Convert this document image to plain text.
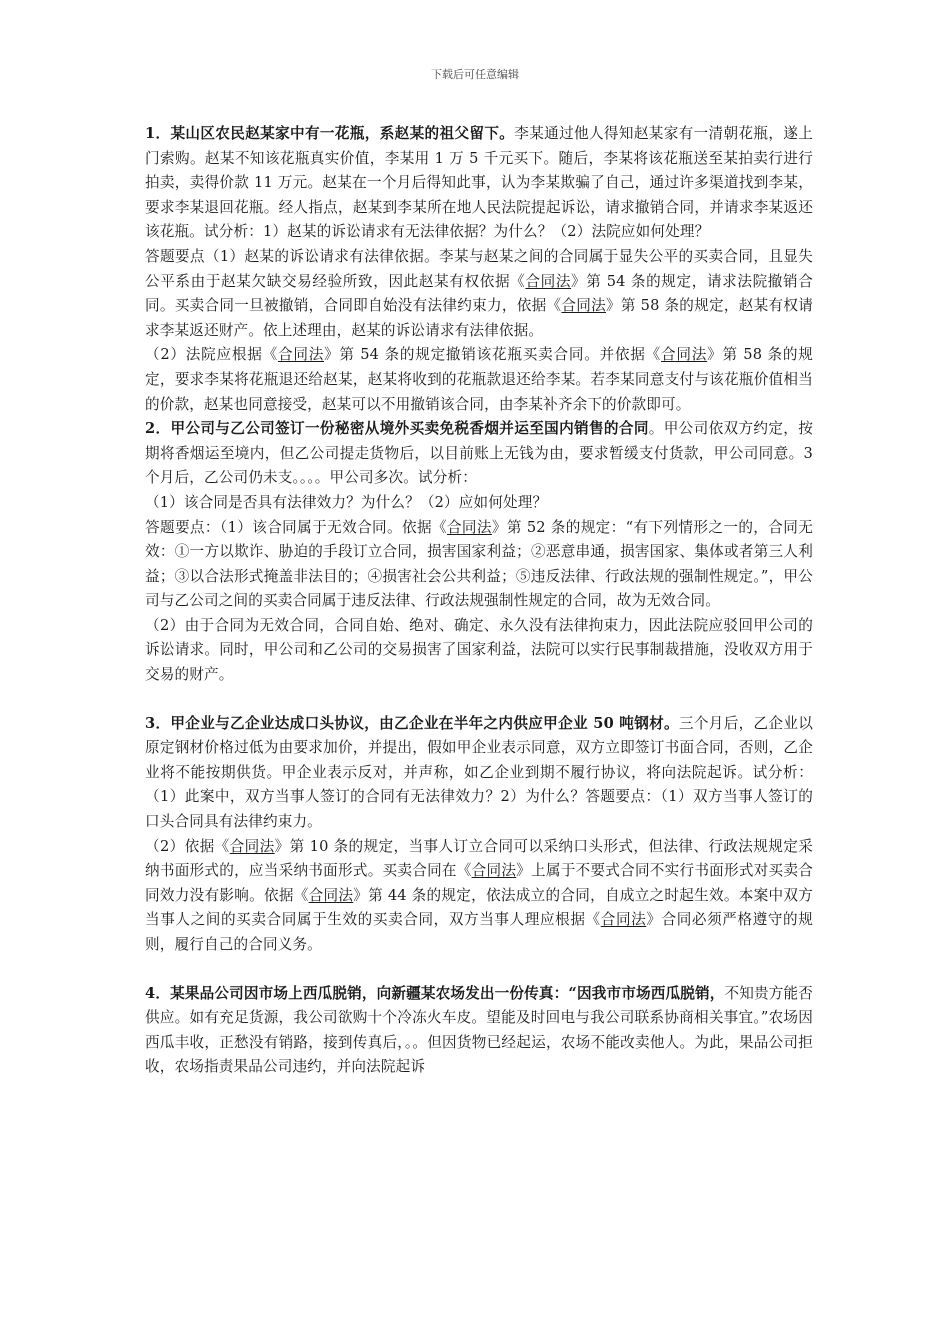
下载后可任意编辑

1．某山区农民赵某家中有一花瓶，系赵某的祖父留下。李某通过他人得知赵某家有一清朝花瓶，遂上门索购。赵某不知该花瓶真实价值，李某用 1 万 5 千元买下。随后，李某将该花瓶送至某拍卖行进行拍卖，卖得价款 11 万元。赵某在一个月后得知此事，认为李某欺骗了自己，通过许多渠道找到李某，要求李某退回花瓶。经人指点，赵某到李某所在地人民法院提起诉讼，请求撤销合同，并请求李某返还该花瓶。试分析：1）赵某的诉讼请求有无法律依据？为什么？（2）法院应如何处理？

答题要点（1）赵某的诉讼请求有法律依据。李某与赵某之间的合同属于显失公平的买卖合同，且显失公平系由于赵某欠缺交易经验所致，因此赵某有权依据《合同法》第 54 条的规定，请求法院撤销合同。买卖合同一旦被撤销，合同即自始没有法律约束力，依据《合同法》第 58 条的规定，赵某有权请求李某返还财产。依上述理由，赵某的诉讼请求有法律依据。

（2）法院应根据《合同法》第 54 条的规定撤销该花瓶买卖合同。并依据《合同法》第 58 条的规定，要求李某将花瓶退还给赵某，赵某将收到的花瓶款退还给李某。若李某同意支付与该花瓶价值相当的价款，赵某也同意接受，赵某可以不用撤销该合同，由李某补齐余下的价款即可。

2．甲公司与乙公司签订一份秘密从境外买卖免税香烟并运至国内销售的合同。甲公司依双方约定，按期将香烟运至境内，但乙公司提走货物后，以目前账上无钱为由，要求暂缓支付货款，甲公司同意。3 个月后，乙公司仍未支。。。。甲公司多次。试分析：

（1）该合同是否具有法律效力？为什么？（2）应如何处理？

答题要点：（1）该合同属于无效合同。依据《合同法》第 52 条的规定：“有下列情形之一的，合同无效：①一方以欺诈、胁迫的手段订立合同，损害国家利益；②恶意串通，损害国家、集体或者第三人利益；③以合法形式掩盖非法目的；④损害社会公共利益；⑤违反法律、行政法规的强制性规定。”，甲公司与乙公司之间的买卖合同属于违反法律、行政法规强制性规定的合同，故为无效合同。

（2）由于合同为无效合同，合同自始、绝对、确定、永久没有法律拘束力，因此法院应驳回甲公司的诉讼请求。同时，甲公司和乙公司的交易损害了国家利益，法院可以实行民事制裁措施，没收双方用于交易的财产。

3．甲企业与乙企业达成口头协议，由乙企业在半年之内供应甲企业 50 吨钢材。三个月后，乙企业以原定钢材价格过低为由要求加价，并提出，假如甲企业表示同意，双方立即签订书面合同，否则，乙企业将不能按期供货。甲企业表示反对，并声称，如乙企业到期不履行协议，将向法院起诉。试分析：（1）此案中，双方当事人签订的合同有无法律效力？2）为什么？答题要点：（1）双方当事人签订的口头合同具有法律约束力。

（2）依据《合同法》第 10 条的规定，当事人订立合同可以采纳口头形式，但法律、行政法规规定采纳书面形式的，应当采纳书面形式。买卖合同在《合同法》上属于不要式合同不实行书面形式对买卖合同效力没有影响。依据《合同法》第 44 条的规定，依法成立的合同，自成立之时起生效。本案中双方当事人之间的买卖合同属于生效的买卖合同，双方当事人理应根据《合同法》合同必须严格遵守的规则，履行自己的合同义务。

4．某果品公司因市场上西瓜脱销，向新疆某农场发出一份传真：“因我市市场西瓜脱销，不知贵方能否供应。如有充足货源，我公司欲购十个冷冻火车皮。望能及时回电与我公司联系协商相关事宜。”农场因西瓜丰收，正愁没有销路，接到传真后，。。但因货物已经起运，农场不能改卖他人。为此，果品公司拒收，农场指责果品公司违约，并向法院起诉
